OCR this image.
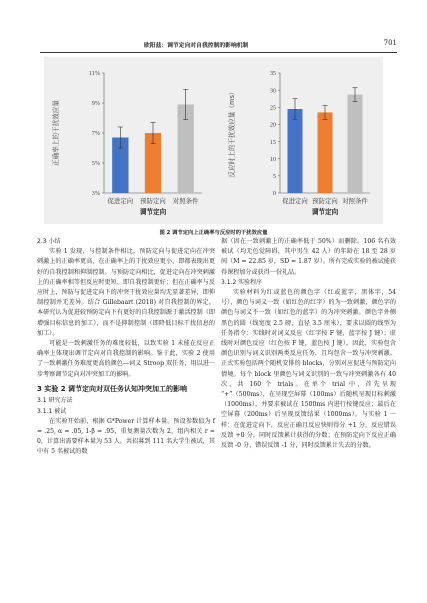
欧阳兹：调节定向对自我控制的影响机制	701
3%
5%
7%
9%
11%
正确率上的干扰效应量
促进定向 预防定向 对照条件
调节定向
0
5
10
15
20
25
30
35
反应时上的干扰效应量（ms）
促进定向 预防定向 对照条件
调节定向
图 2 调节定向上正确率与反应时的干扰效应量
2.3 小结

实验 1 发现，与控制条件相比，预防定向与促进定向在冲突刺激上的正确率更高，在正确率上的干扰效应更小，即都表现出更好的自我控制和抑制控制。与预防定向相比，促进定向在冲突刺激上的正确率相等但反应时更短，即自我控制更好；但在正确率与反应时上，预防与促进定向下的冲突干扰效应量均无显著差异，即抑制控制并无差异。结合 Gillebaart (2018) 对自我控制的界定，本研究认为促进较预防定向下有更好的自我控制源于激活控制（即增强目标信息的加工），而不是抑制控制（即降低目标干扰信息的加工）。

可能是一致刺激任务的难度较低，以致实验 1 未能在反应正确率上体现出调节定向对自我控制的影响。鉴于此，实验 2 使用了一致刺激任务难度更高的颜色—词义 Stroop 双任务，用以进一步考察调节定向对冲突加工的影响。

3 实验 2 调节定向对双任务认知冲突加工的影响
3.1 研究方法
3.1.1 被试

在实验开始前，根据 G*Power 计算样本量。预设参数值为 f = .25, α = .05, 1-β = .95，重复测量次数为 2，组内相关 r = 0，计算出需要样本量为 53 人。共招募到 111 名大学生被试，其中有 5 名被试的数

据（因在一致刺激上的正确率低于 50%）而删除。106 名有效被试（均无色觉障碍，其中男生 42 人）的年龄在 18 至 28 岁间（M = 22.85 岁，SD = 1.87 岁）。所有完成实验的被试能获得课程加分或获得一份礼品。

3.1.2 实验程序

实验材料为红或蓝色的颜色字（红或蓝字，黑体字，54 号），颜色与词义一致（如红色的红字）的为一致刺激，颜色字的颜色与词义不一致（如红色的蓝字）的为冲突刺激。颜色字外侧黑色的圆（线宽度 2.5 磅，直径 3.5 厘米），要求以圆的线型为任务指令：实线时对词义反应（红字按 F 键，蓝字按 J 键）；虚线时对颜色反应（红色按 F 键，蓝色按 J 键）。因此，实验包含颜色识别与词义识别两类反应任务，且均包含一致与冲突刺激。正式实验包括两个随机安排的 blocks，分别对应促进与预防定向情境。每个 block 里颜色与词义识别的一致与冲突刺激各有 40 次，共 160 个 trials。在单个 trial 中，首先呈现 “+”（500ms），在呈现空屏幕（100ms）后随机呈现目标刺激（1000ms），并要求被试在 1500ms 内进行按键反应；最后在空屏幕（200ms）后呈现反馈结果（1000ms）。与实验 1 一样：在促进定向下，反应正确且反应快则得分 +1 分，反应错误反馈 +0 分，同时反馈累计获得的分数；在预防定向下反应正确反馈 -0 分，错误反馈 -1 分，同时反馈累计失去的分数。
